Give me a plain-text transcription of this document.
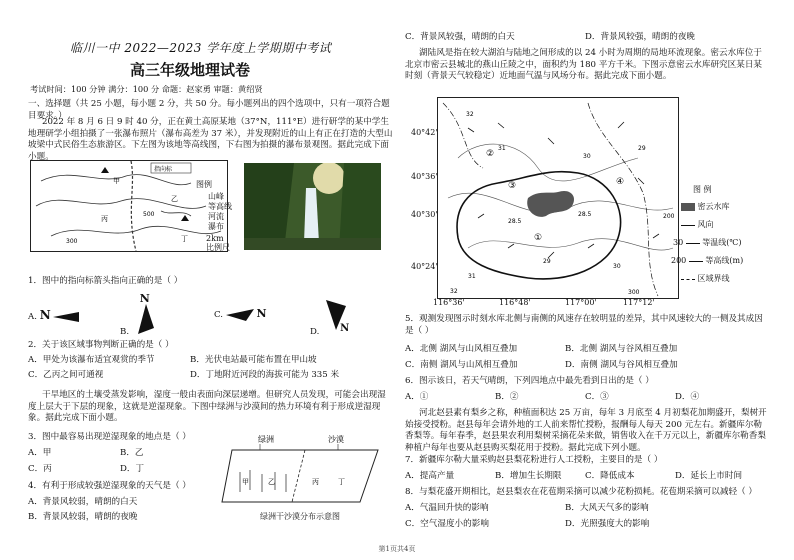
临川一中 2022—2023 学年度上学期期中考试
高三年级地理试卷
考试时间：100 分钟 满分：100 分 命题：赵家勇 审题：黄绍贤
一、选择题（共 25 小题，每小题 2 分，共 50 分。每小题列出的四个选项中，只有一项符合题目要求。）
2022 年 8 月 6 日 9 时 40 分，正在黄土高原某地（37°N，111°E）进行研学的某中学生地理研学小组拍摄了一张瀑布照片（瀑布高差为 37 米），并发现附近的山上有正在打造的大型山坡梁中式民俗生态旅游区。下左图为该地等高线图，下右图为拍摄的瀑布景观图。据此完成下面小题。
指向标
甲
丙
乙
丁
500
300
图例
山峰
等高线
河流
瀑布
2km
比例尺
1．图中的指向标箭头指向正确的是（ ）
A. N
B.
N
C.	N
D. N
2．关于该区域事物判断正确的是（ ）
A．甲处为该瀑布适宜观赏的季节	B．光伏电站最可能布置在甲山坡
C．乙丙之间可通视	D．丁地附近河段的海拔可能为 335 米
干旱地区的土壤受蒸发影响，湿度一般由表面向深层递增。但研究人员发现，可能会出现湿度上层大于下层的现象，这就是逆湿现象。下图中绿洲与沙漠间的热力环境有利于形成逆湿现象。据此完成下面小题。
3．图中最容易出现逆湿现象的地点是（ ）
A．甲	B．乙
C．丙	D．丁
4．有利于形成较强逆湿现象的天气是（ ）
A．背景风较弱，晴朗的白天
B．背景风较弱，晴朗的夜晚
绿洲	沙漠
甲	乙	丙	丁
绿洲干沙漠分布示意图
C．背景风较强，晴朗的白天	D．背景风较强，晴朗的夜晚
湖陆风是指在较大湖泊与陆地之间形成的以 24 小时为周期的局地环流现象。密云水库位于北京市密云县城北的燕山丘陵之中，面积约为 180 平方千米。下图示意密云水库研究区某日某时刻（背景天气较稳定）近地面气温与风场分布。据此完成下面小题。
32
31
30
29
28.5
28.5
29
30
31
32	300
200
①
②
③	④
40°42'
40°36'
40°30'
40°24'
116°36'	116°48'	117°00'	117°12'
图 例
密云水库
风向
30 等温线(℃)
200 等高线(m)
区域界线
5．观测发现图示时刻水库北侧与南侧的风速存在较明显的差异，其中风速较大的一侧及其成因是（ ）
A．北侧 湖风与山风相互叠加	B．北侧 湖风与谷风相互叠加
C．南侧 湖风与山风相互叠加	D．南侧 湖风与谷风相互叠加
6．图示该日，若天气晴朗，下列四地点中最先看到日出的是（ ）
A．①	B．②	C．③	D．④
河北赵县素有梨乡之称，种植面积达 25 万亩，每年 3 月底至 4 月初梨花加期盛开，梨树开始接受授粉。赵县每年会请外地的工人前来帮忙授粉，报酬每人每天 200 元左右。新疆库尔勒香梨等。每年春季，赵县果农利用梨树采摘花朵来做，销售收入在千万元以上，新疆库尔勒香梨种植户每年也要从赵县购买梨花用于授粉。据此完成下列小题。
7．新疆库尔勒大量采购赵县梨花粉进行人工授粉，主要目的是（ ）
A．提高产量	B．增加生长期限	C．降低成本	D．延长上市时间
8．与梨花盛开期相比，赵县梨农在花苞期采摘可以减少花粉损耗。花苞期采摘可以减轻（ ）
A．气温回升快的影响	B．大风天气多的影响
C．空气湿度小的影响	D．光照强度大的影响
第1页共4页
